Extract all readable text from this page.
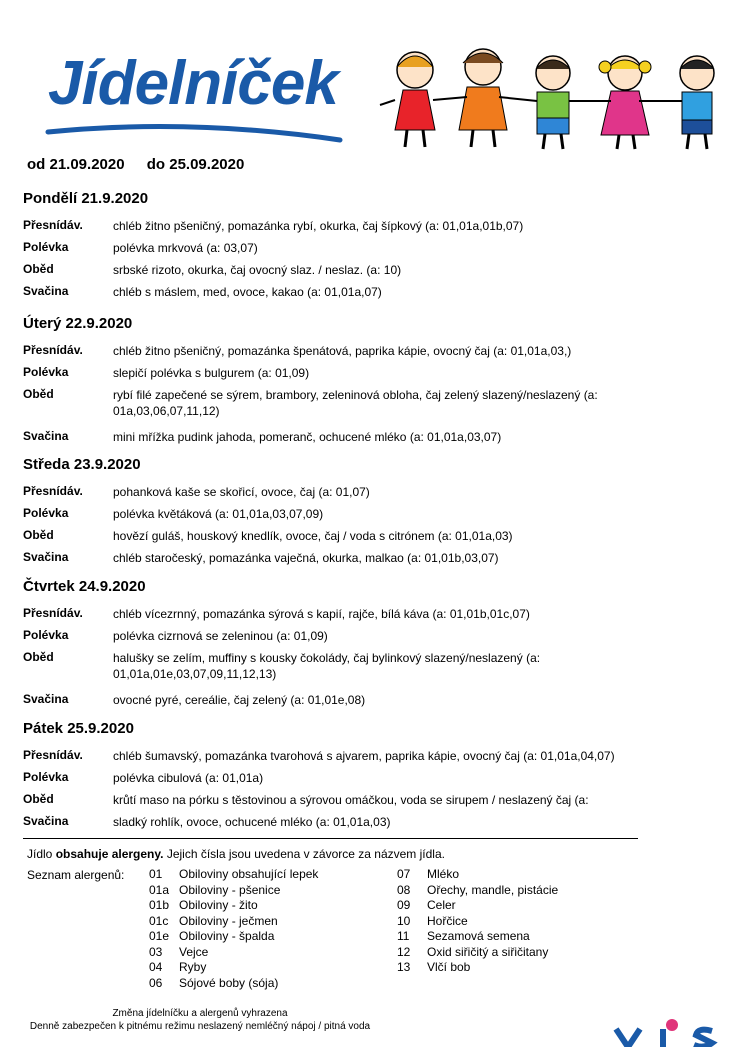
Jídelníček
od 21.09.2020 do 25.09.2020
Pondělí 21.9.2020
Přesnídáv.	chléb žitno pšeničný, pomazánka rybí, okurka, čaj šípkový (a: 01,01a,01b,07)
Polévka	polévka mrkvová (a: 03,07)
Oběd	srbské rizoto, okurka, čaj ovocný slaz. / neslaz. (a: 10)
Svačina	chléb s máslem, med, ovoce, kakao (a: 01,01a,07)
Úterý 22.9.2020
Přesnídáv.	chléb žitno pšeničný, pomazánka špenátová, paprika kápie, ovocný čaj (a: 01,01a,03,)
Polévka	slepičí polévka s bulgurem (a: 01,09)
Oběd	rybí filé zapečené se sýrem, brambory, zeleninová obloha, čaj zelený slazený/neslazený (a: 01a,03,06,07,11,12)
Svačina	mini mřížka pudink jahoda, pomeranč, ochucené mléko (a: 01,01a,03,07)
Středa 23.9.2020
Přesnídáv.	pohanková kaše se skořicí, ovoce, čaj (a: 01,07)
Polévka	polévka květáková (a: 01,01a,03,07,09)
Oběd	hovězí guláš, houskový knedlík, ovoce, čaj / voda s citrónem (a: 01,01a,03)
Svačina	chléb staročeský, pomazánka vaječná, okurka, malkao (a: 01,01b,03,07)
Čtvrtek 24.9.2020
Přesnídáv.	chléb vícezrnný, pomazánka sýrová s kapií, rajče, bílá káva (a: 01,01b,01c,07)
Polévka	polévka cizrnová se zeleninou (a: 01,09)
Oběd	halušky se zelím, muffiny s kousky čokolády, čaj bylinkový slazený/neslazený (a: 01,01a,01e,03,07,09,11,12,13)
Svačina	ovocné pyré, cereálie, čaj zelený (a: 01,01e,08)
Pátek 25.9.2020
Přesnídáv.	chléb šumavský, pomazánka tvarohová s ajvarem, paprika kápie, ovocný čaj (a: 01,01a,04,07)
Polévka	polévka cibulová (a: 01,01a)
Oběd	krůtí maso na pórku s těstovinou a sýrovou omáčkou, voda se sirupem / neslazený čaj (a:
Svačina	sladký rohlík, ovoce, ochucené mléko (a: 01,01a,03)
Jídlo obsahuje alergeny. Jejich čísla jsou uvedena v závorce za názvem jídla.
Seznam alergenů: 01 Obiloviny obsahující lepek
01a Obiloviny - pšenice
01b Obiloviny - žito
01c Obiloviny - ječmen
01e Obiloviny - špalda
03 Vejce
04 Ryby
06 Sójové boby (sója)
07 Mléko
08 Ořechy, mandle, pistácie
09 Celer
10 Hořčice
11 Sezamová semena
12 Oxid siřičitý a siřičitany
13 Vlčí bob
Změna jídelníčku a alergenů vyhrazena
Denně zabezpečen k pitnému režimu neslazený nemléčný nápoj / pitná voda
